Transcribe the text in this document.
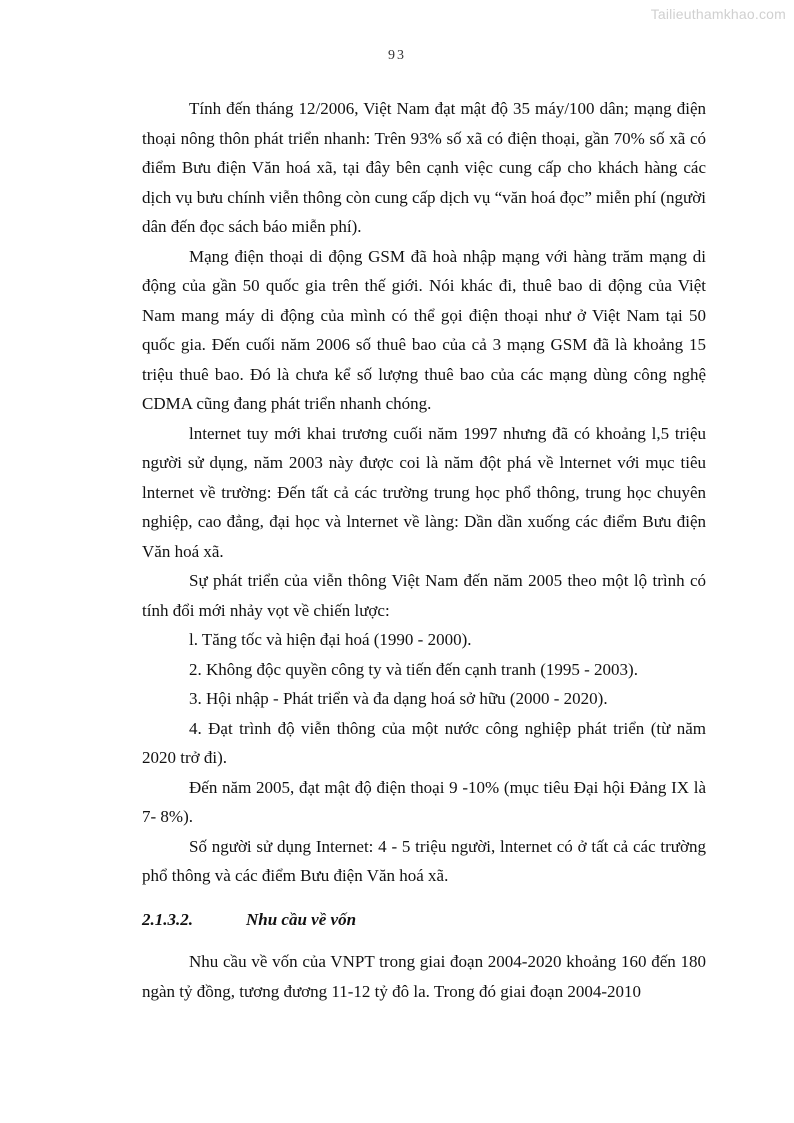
Tailieuthamkhao.com
93

Tính đến tháng 12/2006, Việt Nam đạt mật độ 35 máy/100 dân; mạng điện thoại nông thôn phát triển nhanh: Trên 93% số xã có điện thoại, gần 70% số xã có điểm Bưu điện Văn hoá xã, tại đây bên cạnh việc cung cấp cho khách hàng các dịch vụ bưu chính viễn thông còn cung cấp dịch vụ “văn hoá đọc” miễn phí (người dân đến đọc sách báo miễn phí).

Mạng điện thoại di động GSM đã hoà nhập mạng với hàng trăm mạng di động của gần 50 quốc gia trên thế giới. Nói khác đi, thuê bao di động của Việt Nam mang máy di động của mình có thể gọi điện thoại như ở Việt Nam tại 50 quốc gia. Đến cuối năm 2006 số thuê bao của cả 3 mạng GSM đã là khoảng 15 triệu thuê bao. Đó là chưa kể số lượng thuê bao của các mạng dùng công nghệ CDMA cũng đang phát triển nhanh chóng.

lnternet tuy mới khai trương cuối năm 1997 nhưng đã có khoảng l,5 triệu người sử dụng, năm 2003 này được coi là năm đột phá về lnternet với mục tiêu lnternet về trường: Đến tất cả các trường trung học phổ thông, trung học chuyên nghiệp, cao đẳng, đại học và lnternet về làng: Dần dần xuống các điểm Bưu điện Văn hoá xã.

Sự phát triển của viễn thông Việt Nam đến năm 2005 theo một lộ trình có tính đổi mới nhảy vọt về chiến lược:

l. Tăng tốc và hiện đại hoá (1990 - 2000).

2. Không độc quyền công ty và tiến đến cạnh tranh (1995 - 2003).

3. Hội nhập - Phát triển và đa dạng hoá sở hữu (2000 - 2020).

4. Đạt trình độ viễn thông của một nước công nghiệp phát triển (từ năm 2020 trở đi).

Đến năm 2005, đạt mật độ điện thoại 9 -10% (mục tiêu Đại hội Đảng IX là 7- 8%).

Số người sử dụng Internet: 4 - 5 triệu người, lnternet có ở tất cả các trường phổ thông và các điểm Bưu điện Văn hoá xã.

2.1.3.2.	Nhu cầu về vốn

Nhu cầu về vốn của VNPT trong giai đoạn 2004-2020 khoảng 160 đến 180 ngàn tỷ đồng, tương đương 11-12 tỷ đô la. Trong đó giai đoạn 2004-2010
